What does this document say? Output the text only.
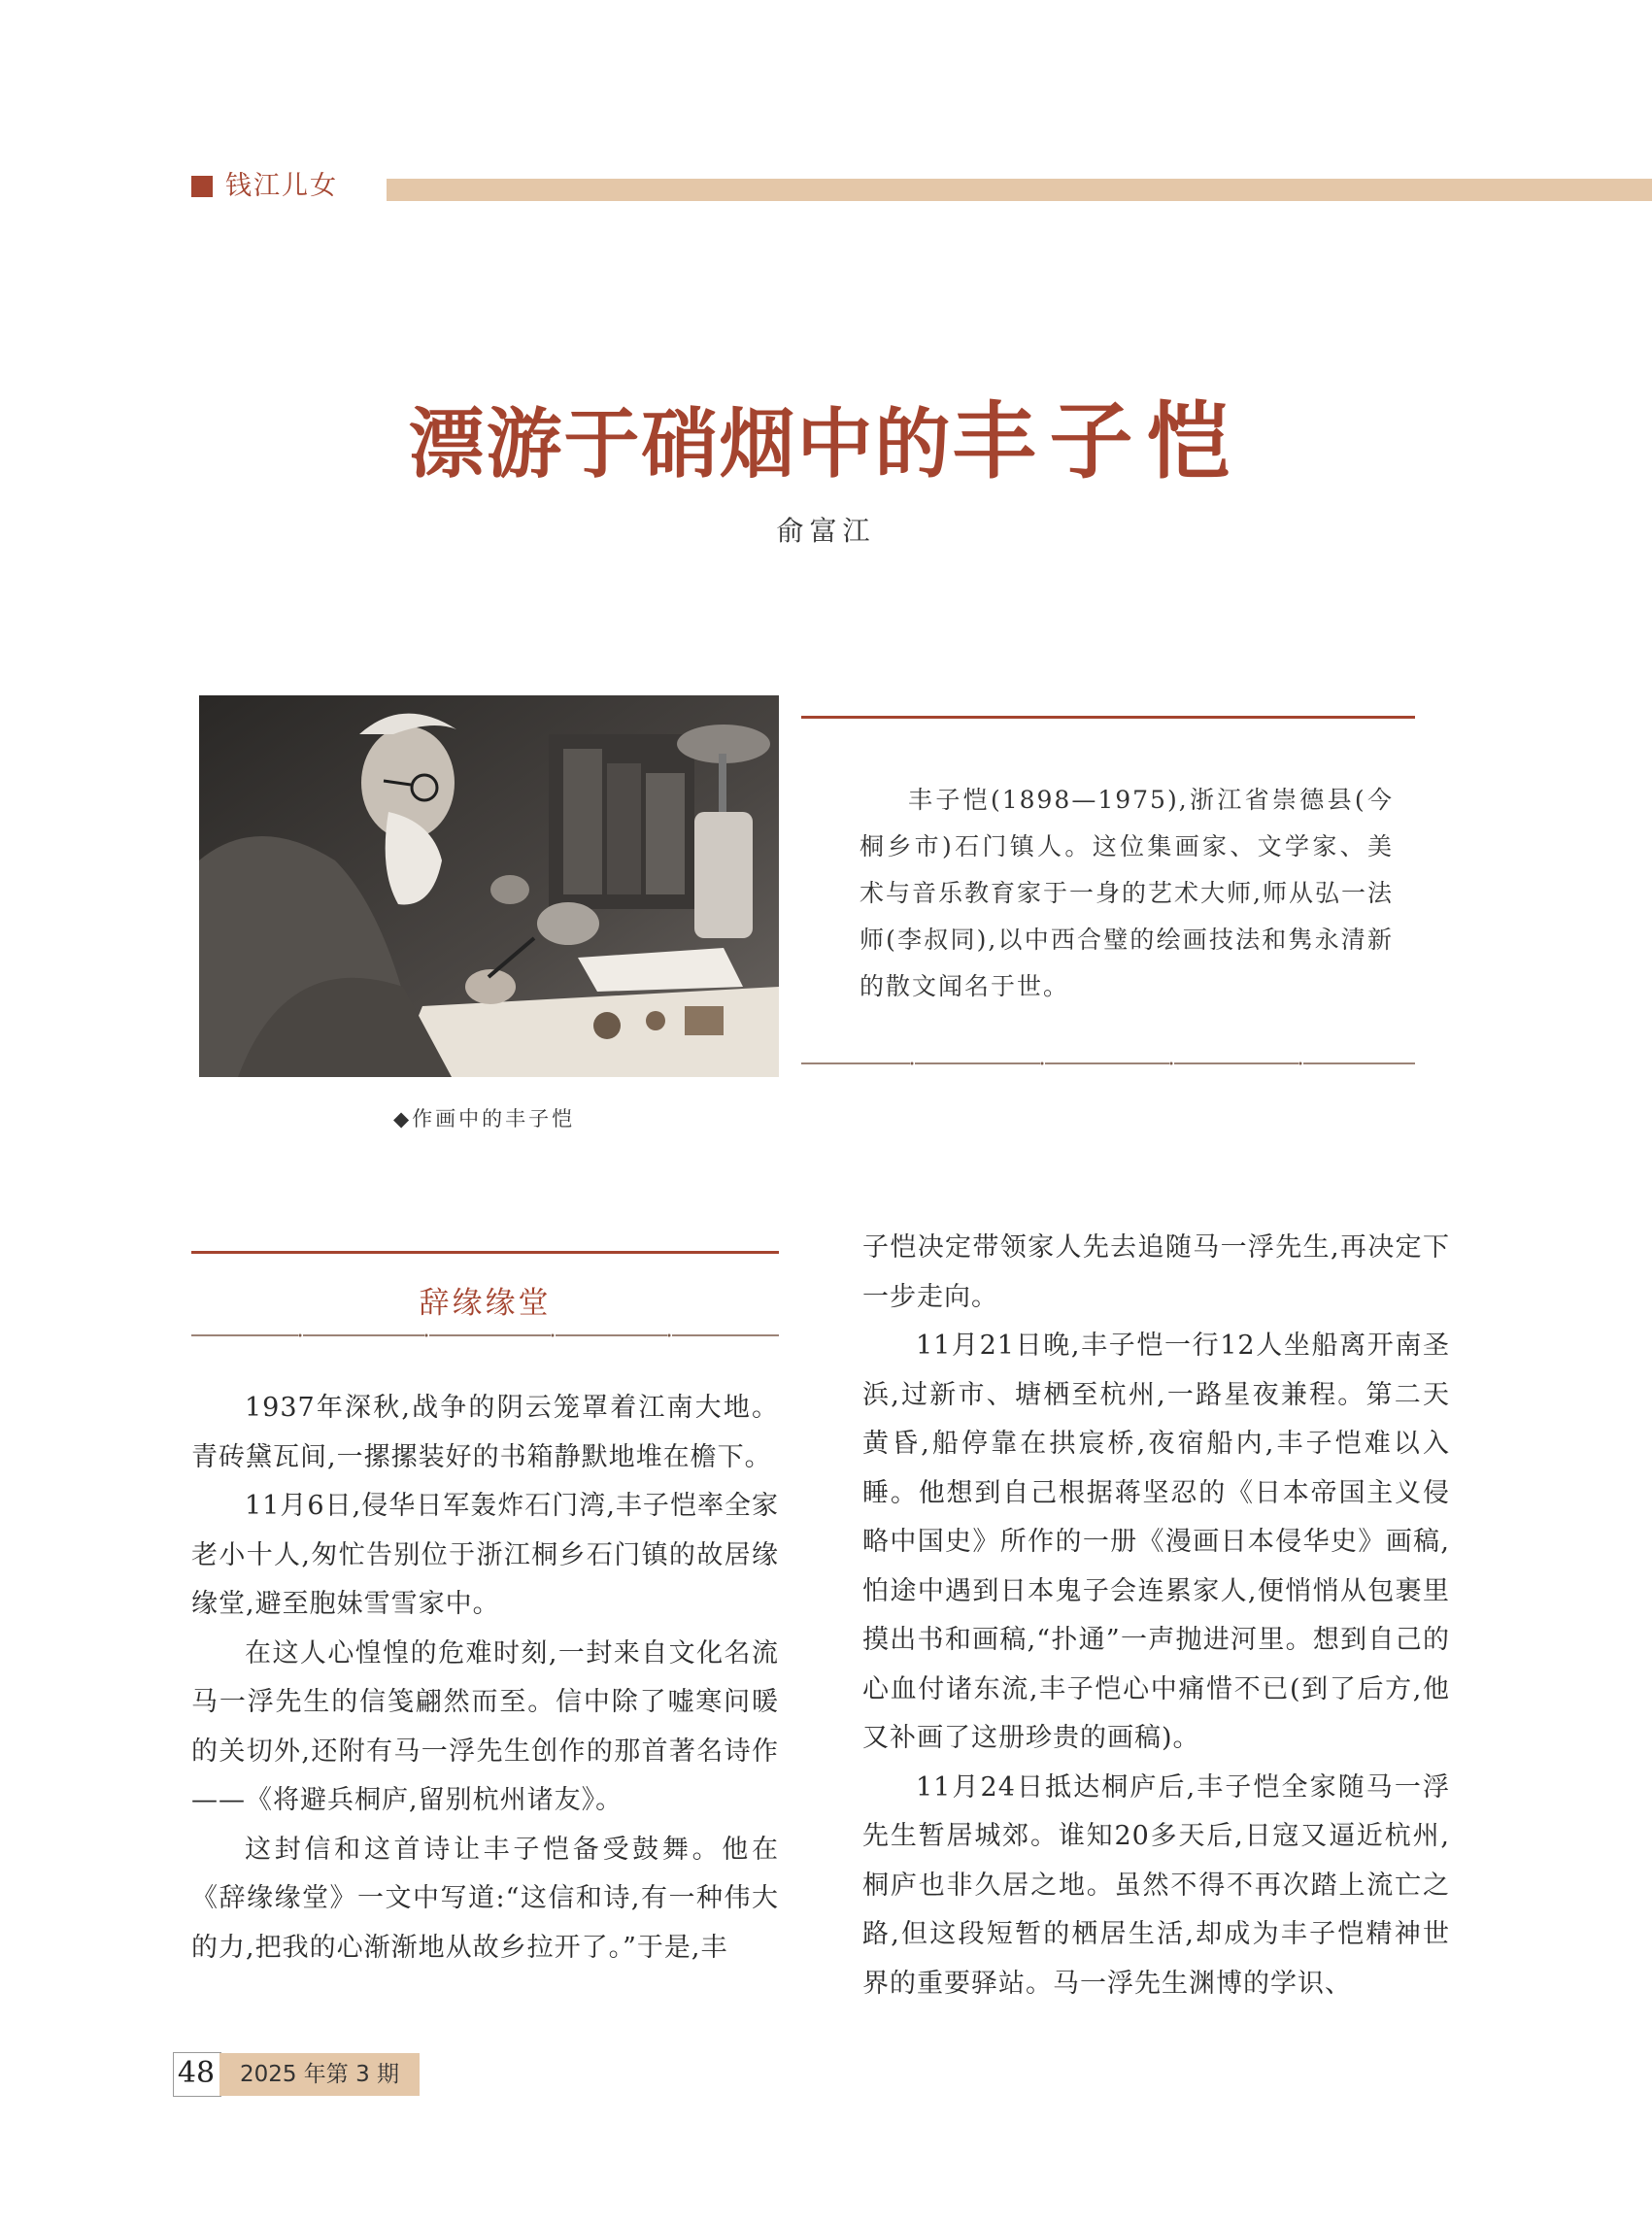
钱江儿女
漂游于硝烟中的丰子恺
俞富江
◆作画中的丰子恺

丰子恺(1898—1975),浙江省崇德县(今桐乡市)石门镇人。这位集画家、文学家、美术与音乐教育家于一身的艺术大师,师从弘一法师(李叔同),以中西合璧的绘画技法和隽永清新的散文闻名于世。

辞缘缘堂

1937年深秋,战争的阴云笼罩着江南大地。青砖黛瓦间,一摞摞装好的书箱静默地堆在檐下。

11月6日,侵华日军轰炸石门湾,丰子恺率全家老小十人,匆忙告别位于浙江桐乡石门镇的故居缘缘堂,避至胞妹雪雪家中。

在这人心惶惶的危难时刻,一封来自文化名流马一浮先生的信笺翩然而至。信中除了嘘寒问暖的关切外,还附有马一浮先生创作的那首著名诗作——《将避兵桐庐,留别杭州诸友》。

这封信和这首诗让丰子恺备受鼓舞。他在《辞缘缘堂》一文中写道:“这信和诗,有一种伟大的力,把我的心渐渐地从故乡拉开了。”于是,丰

子恺决定带领家人先去追随马一浮先生,再决定下一步走向。

11月21日晚,丰子恺一行12人坐船离开南圣浜,过新市、塘栖至杭州,一路星夜兼程。第二天黄昏,船停靠在拱宸桥,夜宿船内,丰子恺难以入睡。他想到自己根据蒋坚忍的《日本帝国主义侵略中国史》所作的一册《漫画日本侵华史》画稿,怕途中遇到日本鬼子会连累家人,便悄悄从包裹里摸出书和画稿,“扑通”一声抛进河里。想到自己的心血付诸东流,丰子恺心中痛惜不已(到了后方,他又补画了这册珍贵的画稿)。

11月24日抵达桐庐后,丰子恺全家随马一浮先生暂居城郊。谁知20多天后,日寇又逼近杭州,桐庐也非久居之地。虽然不得不再次踏上流亡之路,但这段短暂的栖居生活,却成为丰子恺精神世界的重要驿站。马一浮先生渊博的学识、

48	2025 年第 3 期
